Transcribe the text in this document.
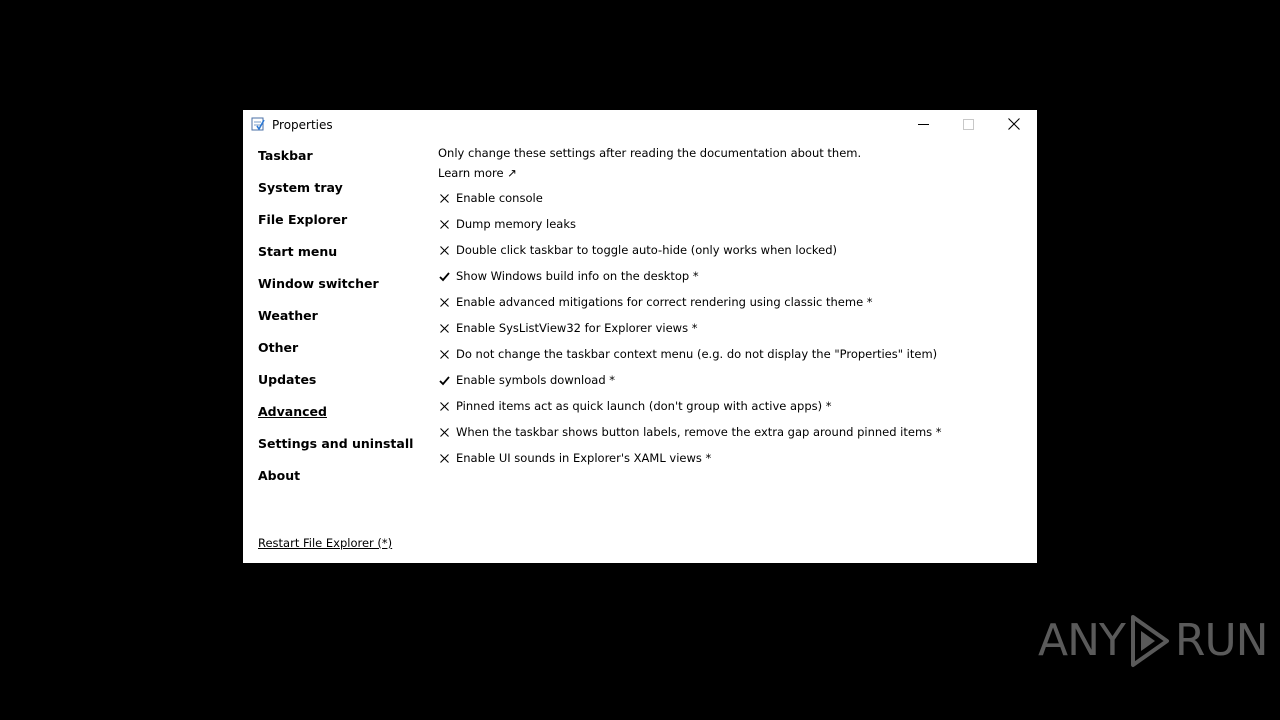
Properties
Taskbar
System tray
File Explorer
Start menu
Window switcher
Weather
Other
Updates
Advanced
Settings and uninstall
About
Restart File Explorer (*)
Only change these settings after reading the documentation about them.
Learn more ↗
Enable console
Dump memory leaks
Double click taskbar to toggle auto-hide (only works when locked)
Show Windows build info on the desktop *
Enable advanced mitigations for correct rendering using classic theme *
Enable SysListView32 for Explorer views *
Do not change the taskbar context menu (e.g. do not display the "Properties" item)
Enable symbols download *
Pinned items act as quick launch (don't group with active apps) *
When the taskbar shows button labels, remove the extra gap around pinned items *
Enable UI sounds in Explorer's XAML views *
ANY RUN
